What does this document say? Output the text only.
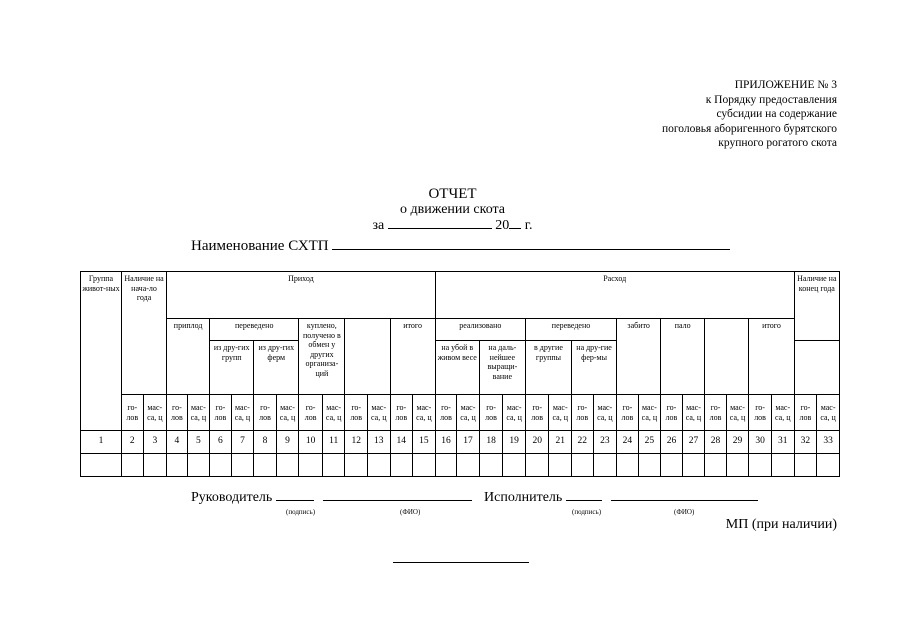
ПРИЛОЖЕНИЕ № 3
к Порядку предоставления
субсидии на содержание
поголовья аборигенного бурятского
крупного рогатого скота
ОТЧЕТ
о движении скота
за	20 г.
Наименование СХТП
Группа живот-ных	Наличие на нача-ло года		Приход												Расход																Наличие на конец года	
			приплод		переведено				куплено, получено в обмен у других организа-ций				итого		реализовано				переведено				забито		пало				итого			
					из дру-гих групп		из дру-гих ферм								на убой в живом весе		на даль-нейшее выращи-вание		в другие группы		на дру-гие фер-мы											
	го-лов	мас-са, ц	го-лов	мас-са, ц	го-лов	мас-са, ц	го-лов	мас-са, ц	го-лов	мас-са, ц	го-лов	мас-са, ц	го-лов	мас-са, ц	го-лов	мас-са, ц	го-лов	мас-са, ц	го-лов	мас-са, ц	го-лов	мас-са, ц	го-лов	мас-са, ц	го-лов	мас-са, ц	го-лов	мас-са, ц	го-лов	мас-са, ц	го-лов	мас-са, ц
1	2	3	4	5	6	7	8	9	10	11	12	13	14	15	16	17	18	19	20	21	22	23	24	25	26	27	28	29	30	31	32	33

Руководитель
(подпись)	(ФИО)
Исполнитель
(подпись)	(ФИО)
МП (при наличии)
